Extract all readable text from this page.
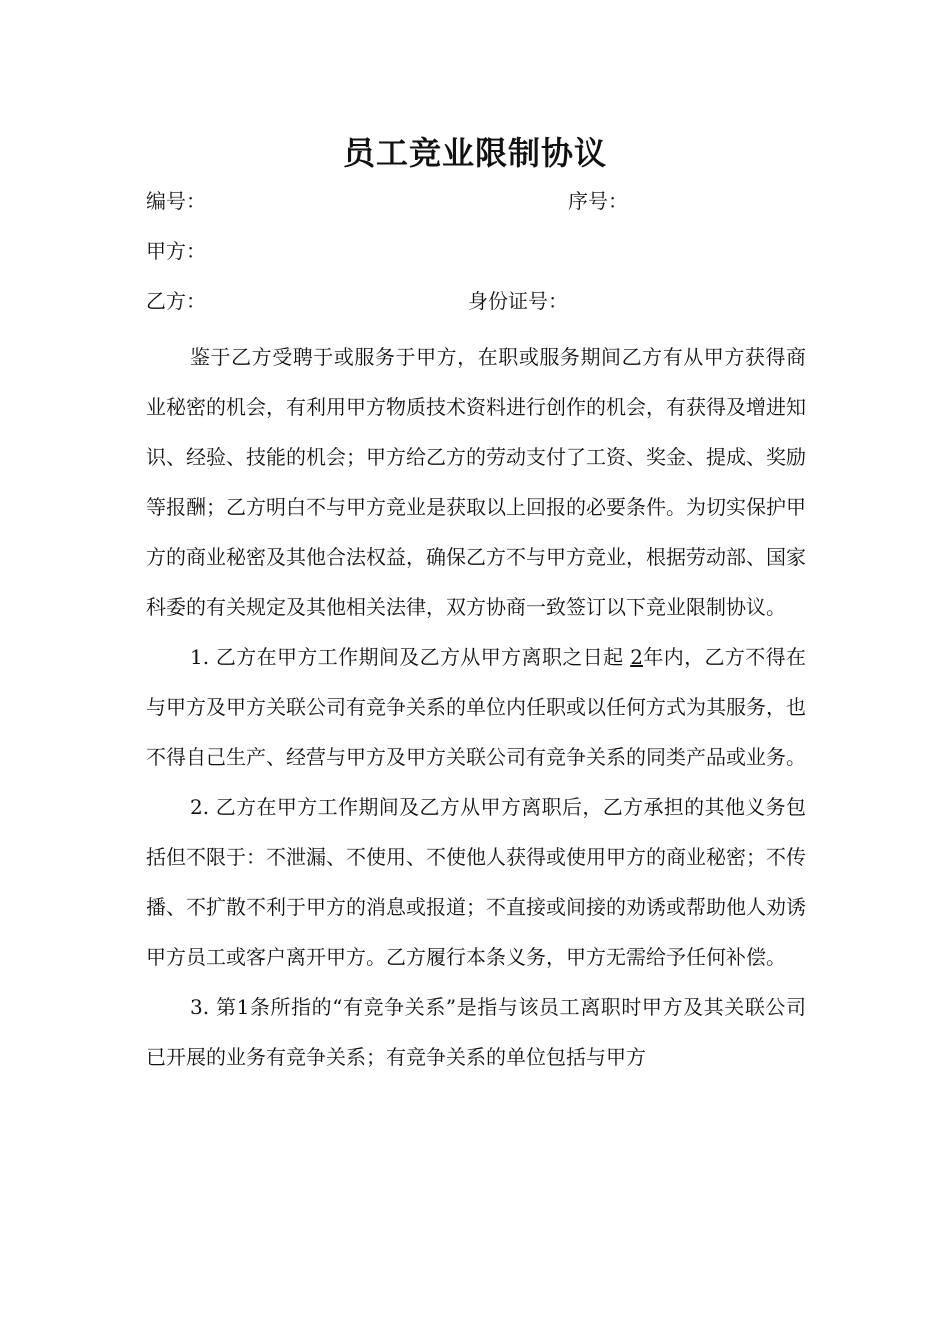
员工竞业限制协议
编号：	序号：
甲方：
乙方：	身份证号：

鉴于乙方受聘于或服务于甲方，在职或服务期间乙方有从甲方获得商业秘密的机会，有利用甲方物质技术资料进行创作的机会，有获得及增进知识、经验、技能的机会；甲方给乙方的劳动支付了工资、奖金、提成、奖励等报酬；乙方明白不与甲方竞业是获取以上回报的必要条件。为切实保护甲方的商业秘密及其他合法权益，确保乙方不与甲方竞业，根据劳动部、国家科委的有关规定及其他相关法律，双方协商一致签订以下竞业限制协议。

1. 乙方在甲方工作期间及乙方从甲方离职之日起 2年内，乙方不得在与甲方及甲方关联公司有竞争关系的单位内任职或以任何方式为其服务，也不得自己生产、经营与甲方及甲方关联公司有竞争关系的同类产品或业务。

2. 乙方在甲方工作期间及乙方从甲方离职后，乙方承担的其他义务包括但不限于：不泄漏、不使用、不使他人获得或使用甲方的商业秘密；不传播、不扩散不利于甲方的消息或报道；不直接或间接的劝诱或帮助他人劝诱甲方员工或客户离开甲方。乙方履行本条义务，甲方无需给予任何补偿。

3. 第1条所指的“有竞争关系”是指与该员工离职时甲方及其关联公司已开展的业务有竞争关系；有竞争关系的单位包括与甲方
